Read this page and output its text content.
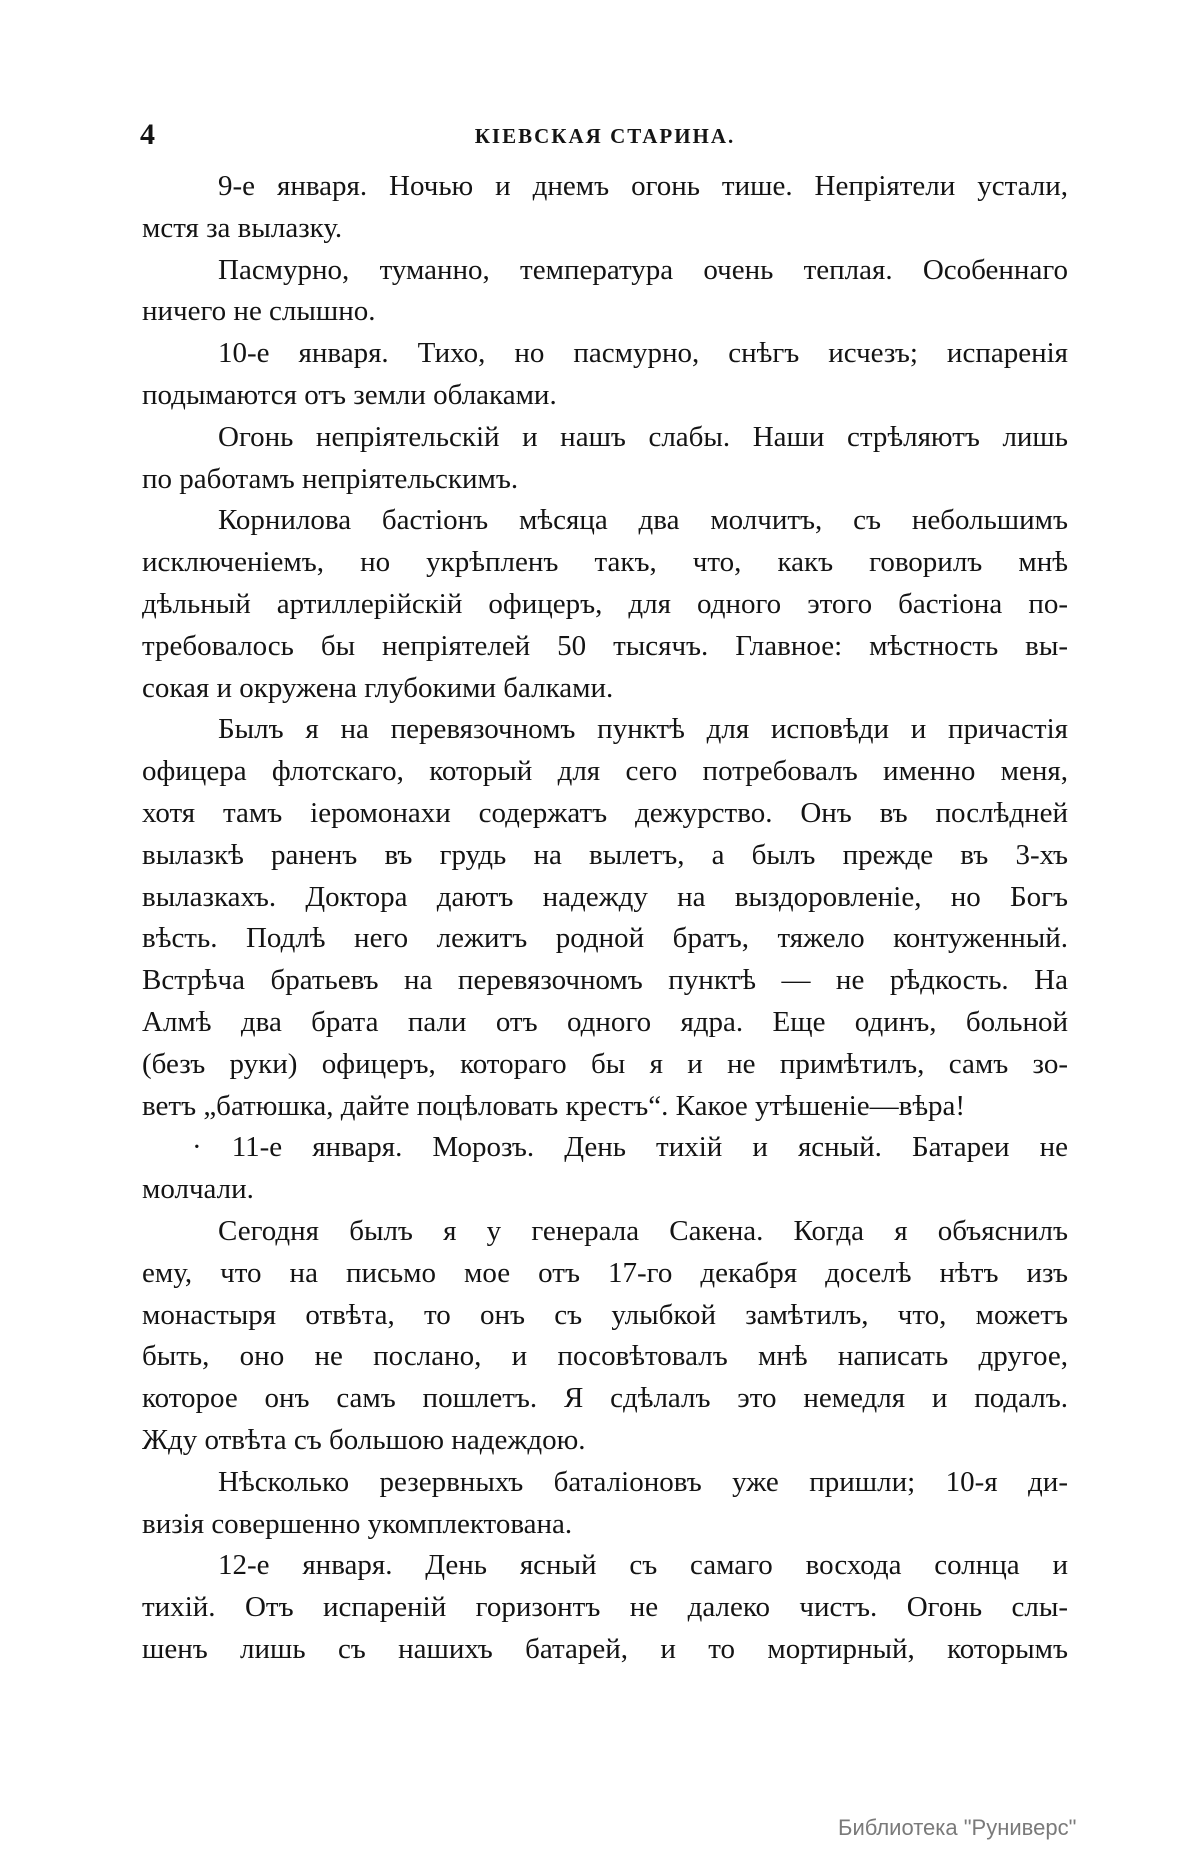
4	КІЕВСКАЯ СТАРИНА.
9-е января. Ночью и днемъ огонь тише. Непріятели устали,
мстя за вылазку.
Пасмурно, туманно, температура очень теплая. Особеннаго
ничего не слышно.
10-е января. Тихо, но пасмурно, снѣгъ исчезъ; испаренія
подымаются отъ земли облаками.
Огонь непріятельскій и нашъ слабы. Наши стрѣляютъ лишь
по работамъ непріятельскимъ.
Корнилова бастіонъ мѣсяца два молчитъ, съ небольшимъ
исключеніемъ, но укрѣпленъ такъ, что, какъ говорилъ мнѣ
дѣльный артиллерійскій офицеръ, для одного этого бастіона по-
требовалось бы непріятелей 50 тысячъ. Главное: мѣстность вы-
сокая и окружена глубокими балками.
Былъ я на перевязочномъ пунктѣ для исповѣди и причастія
офицера флотскаго, который для сего потребовалъ именно меня,
хотя тамъ іеромонахи содержатъ дежурство. Онъ въ послѣдней
вылазкѣ раненъ въ грудь на вылетъ, а былъ прежде въ 3-хъ
вылазкахъ. Доктора даютъ надежду на выздоровленіе, но Богъ
вѣсть. Подлѣ него лежитъ родной братъ, тяжело контуженный.
Встрѣча братьевъ на перевязочномъ пунктѣ — не рѣдкость. На
Алмѣ два брата пали отъ одного ядра. Еще одинъ, больной
(безъ руки) офицеръ, котораго бы я и не примѣтилъ, самъ зо-
ветъ „батюшка, дайте поцѣловать крестъ“. Какое утѣшеніе—вѣра!
· 11-е января. Морозъ. День тихій и ясный. Батареи не
молчали.
Сегодня былъ я у генерала Сакена. Когда я объяснилъ
ему, что на письмо мое отъ 17-го декабря доселѣ нѣтъ изъ
монастыря отвѣта, то онъ съ улыбкой замѣтилъ, что, можетъ
быть, оно не послано, и посовѣтовалъ мнѣ написать другое,
которое онъ самъ пошлетъ. Я сдѣлалъ это немедля и подалъ.
Жду отвѣта съ большою надеждою.
Нѣсколько резервныхъ баталіоновъ уже пришли; 10-я ди-
визія совершенно укомплектована.
12-е января. День ясный съ самаго восхода солнца и
тихій. Отъ испареній горизонтъ не далеко чистъ. Огонь слы-
шенъ лишь съ нашихъ батарей, и то мортирный, которымъ
Библиотека "Руниверс"
